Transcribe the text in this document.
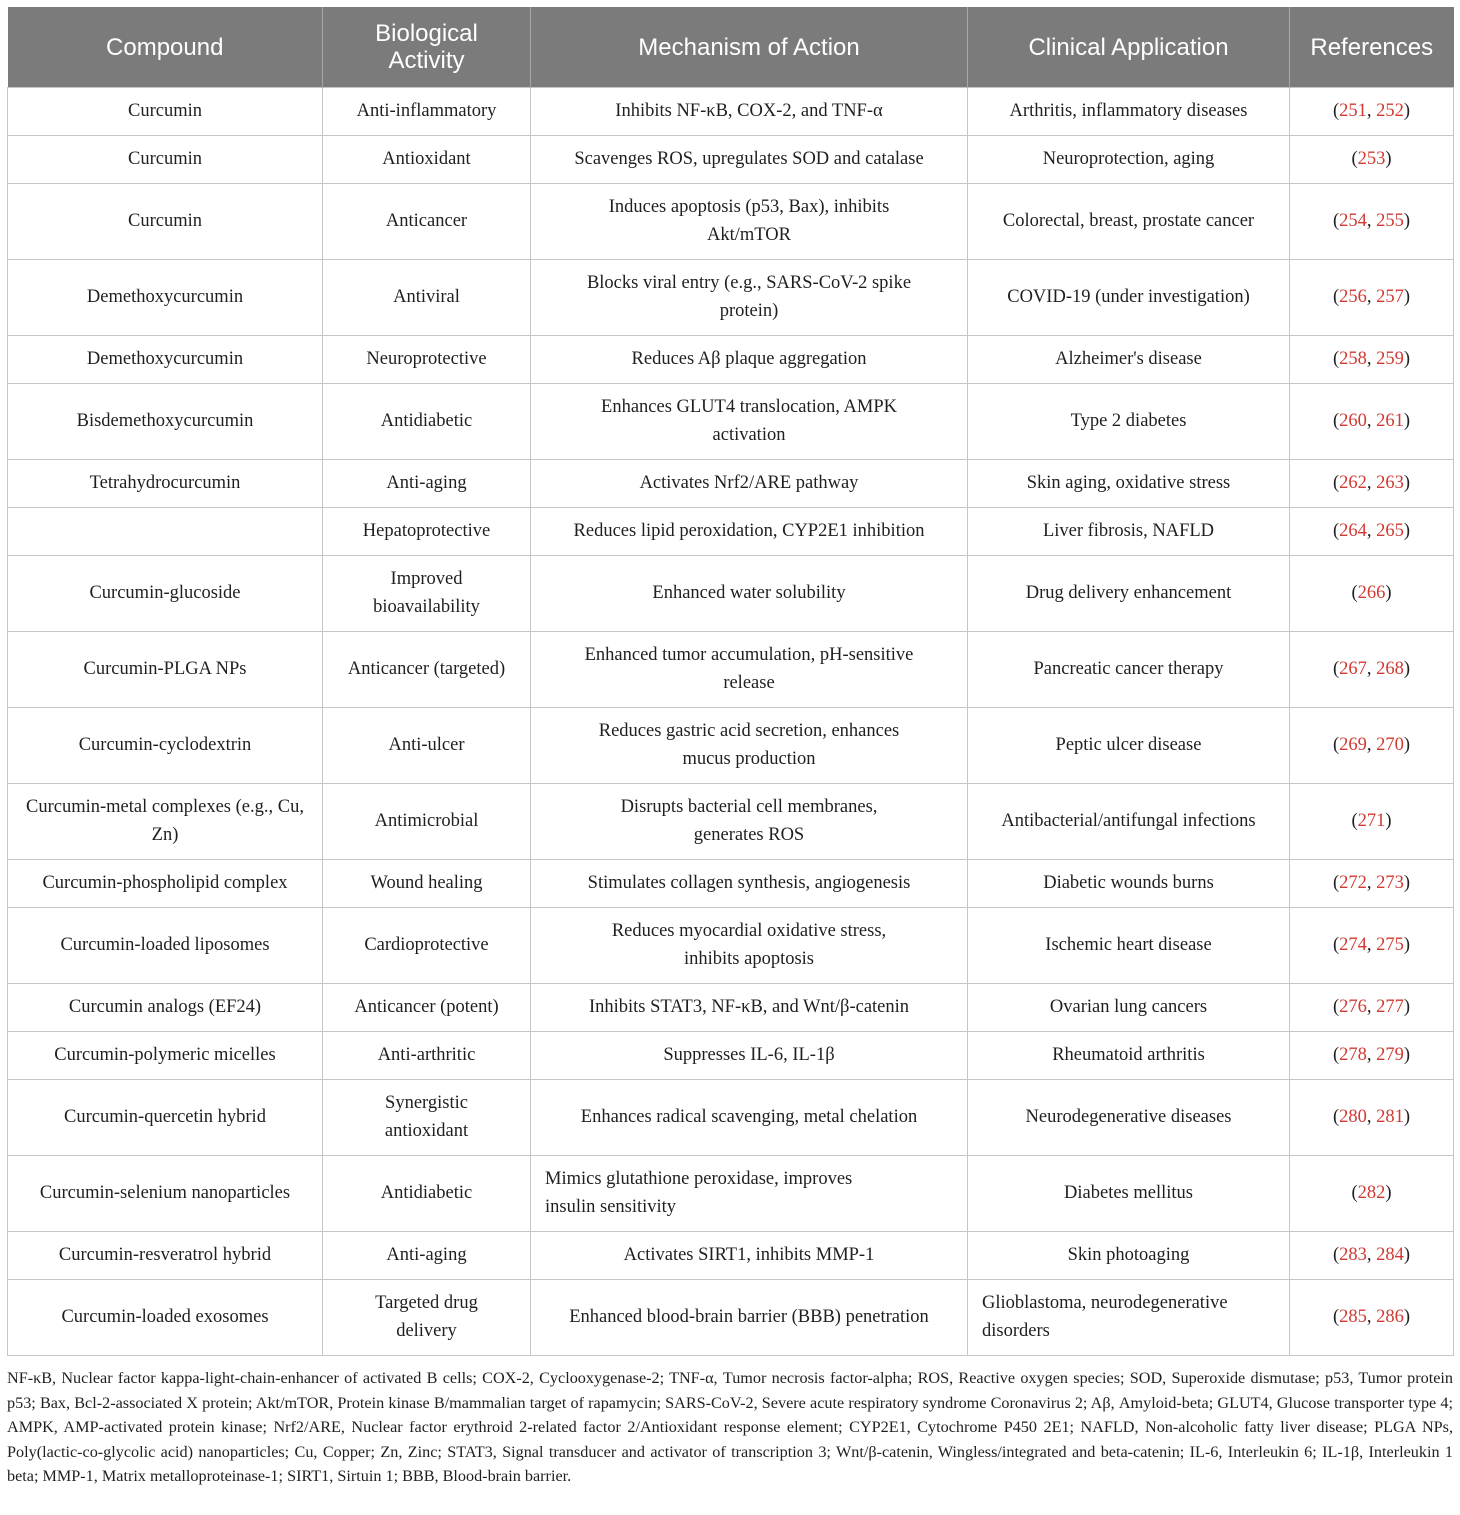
Compound	Biological Activity	Mechanism of Action	Clinical Application	References
Curcumin	Anti-inflammatory	Inhibits NF-κB, COX-2, and TNF-α	Arthritis, inflammatory diseases	(251, 252)
Curcumin	Antioxidant	Scavenges ROS, upregulates SOD and catalase	Neuroprotection, aging	(253)
Curcumin	Anticancer	Induces apoptosis (p53, Bax), inhibits Akt/mTOR	Colorectal, breast, prostate cancer	(254, 255)
Demethoxycurcumin	Antiviral	Blocks viral entry (e.g., SARS-CoV-2 spike protein)	COVID-19 (under investigation)	(256, 257)
Demethoxycurcumin	Neuroprotective	Reduces Aβ plaque aggregation	Alzheimer's disease	(258, 259)
Bisdemethoxycurcumin	Antidiabetic	Enhances GLUT4 translocation, AMPK activation	Type 2 diabetes	(260, 261)
Tetrahydrocurcumin	Anti-aging	Activates Nrf2/ARE pathway	Skin aging, oxidative stress	(262, 263)
	Hepatoprotective	Reduces lipid peroxidation, CYP2E1 inhibition	Liver fibrosis, NAFLD	(264, 265)
Curcumin-glucoside	Improved bioavailability	Enhanced water solubility	Drug delivery enhancement	(266)
Curcumin-PLGA NPs	Anticancer (targeted)	Enhanced tumor accumulation, pH-sensitive release	Pancreatic cancer therapy	(267, 268)
Curcumin-cyclodextrin	Anti-ulcer	Reduces gastric acid secretion, enhances mucus production	Peptic ulcer disease	(269, 270)
Curcumin-metal complexes (e.g., Cu, Zn)	Antimicrobial	Disrupts bacterial cell membranes, generates ROS	Antibacterial/antifungal infections	(271)
Curcumin-phospholipid complex	Wound healing	Stimulates collagen synthesis, angiogenesis	Diabetic wounds burns	(272, 273)
Curcumin-loaded liposomes	Cardioprotective	Reduces myocardial oxidative stress, inhibits apoptosis	Ischemic heart disease	(274, 275)
Curcumin analogs (EF24)	Anticancer (potent)	Inhibits STAT3, NF-κB, and Wnt/β-catenin	Ovarian lung cancers	(276, 277)
Curcumin-polymeric micelles	Anti-arthritic	Suppresses IL-6, IL-1β	Rheumatoid arthritis	(278, 279)
Curcumin-quercetin hybrid	Synergistic antioxidant	Enhances radical scavenging, metal chelation	Neurodegenerative diseases	(280, 281)
Curcumin-selenium nanoparticles	Antidiabetic	Mimics glutathione peroxidase, improves insulin sensitivity	Diabetes mellitus	(282)
Curcumin-resveratrol hybrid	Anti-aging	Activates SIRT1, inhibits MMP-1	Skin photoaging	(283, 284)
Curcumin-loaded exosomes	Targeted drug delivery	Enhanced blood-brain barrier (BBB) penetration	Glioblastoma, neurodegenerative disorders	(285, 286)

NF-κB, Nuclear factor kappa-light-chain-enhancer of activated B cells; COX-2, Cyclooxygenase-2; TNF-α, Tumor necrosis factor-alpha; ROS, Reactive oxygen species; SOD, Superoxide dismutase; p53, Tumor protein p53; Bax, Bcl-2-associated X protein; Akt/mTOR, Protein kinase B/mammalian target of rapamycin; SARS-CoV-2, Severe acute respiratory syndrome Coronavirus 2; Aβ, Amyloid-beta; GLUT4, Glucose transporter type 4; AMPK, AMP-activated protein kinase; Nrf2/ARE, Nuclear factor erythroid 2-related factor 2/Antioxidant response element; CYP2E1, Cytochrome P450 2E1; NAFLD, Non-alcoholic fatty liver disease; PLGA NPs, Poly(lactic-co-glycolic acid) nanoparticles; Cu, Copper; Zn, Zinc; STAT3, Signal transducer and activator of transcription 3; Wnt/β-catenin, Wingless/integrated and beta-catenin; IL-6, Interleukin 6; IL-1β, Interleukin 1 beta; MMP-1, Matrix metalloproteinase-1; SIRT1, Sirtuin 1; BBB, Blood-brain barrier.
